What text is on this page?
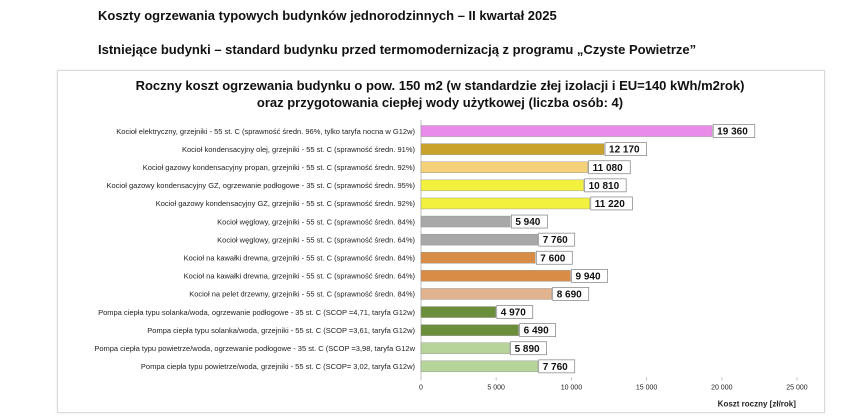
Koszty ogrzewania typowych budynków jednorodzinnych – II kwartał 2025
Istniejące budynki – standard budynku przed termomodernizacją z programu „Czyste Powietrze”
Roczny koszt ogrzewania budynku o pow. 150 m2 (w standardzie złej izolacji i EU=140 kWh/m2rok)
oraz przygotowania ciepłej wody użytkowej (liczba osób: 4)
Kocioł elektryczny, grzejniki - 55 st. C (sprawność średn. 96%, tylko taryfa nocna w G12w)	19 360
Kocioł kondensacyjny olej, grzejniki - 55 st. C (sprawność średn. 91%)	12 170
Kocioł gazowy kondensacyjny propan, grzejniki - 55 st. C (sprawność średn. 92%)	11 080
Kocioł gazowy kondensacyjny GZ, ogrzewanie podłogowe - 35 st. C (sprawność średn. 95%)	10 810
Kocioł gazowy kondensacyjny GZ, grzejniki - 55 st. C (sprawność średn. 92%)	11 220
Kocioł węglowy, grzejniki - 55 st. C (sprawność średn. 84%)	5 940
Kocioł węglowy, grzejniki - 55 st. C (sprawność średn. 64%)	7 760
Kocioł na kawałki drewna, grzejniki - 55 st. C (sprawność średn. 84%)	7 600
Kocioł na kawałki drewna, grzejniki - 55 st. C (sprawność średn. 64%)	9 940
Kocioł na pelet drzewny, grzejniki - 55 st. C (sprawność średn. 84%)	8 690
Pompa ciepła typu solanka/woda, ogrzewanie podłogowe - 35 st. C (SCOP =4,71, taryfa G12w)	4 970
Pompa ciepła typu solanka/woda, grzejniki - 55 st. C (SCOP =3,61, taryfa G12w)	6 490
Pompa ciepła typu powietrze/woda, ogrzewanie podłogowe - 35 st. C (SCOP =3,98, taryfa G12w	5 890
Pompa ciepła typu powietrze/woda, grzejniki - 55 st. C (SCOP= 3,02, taryfa G12w)	7 760
0	5 000	10 000	15 000	20 000	25 000
Koszt roczny [zł/rok]
